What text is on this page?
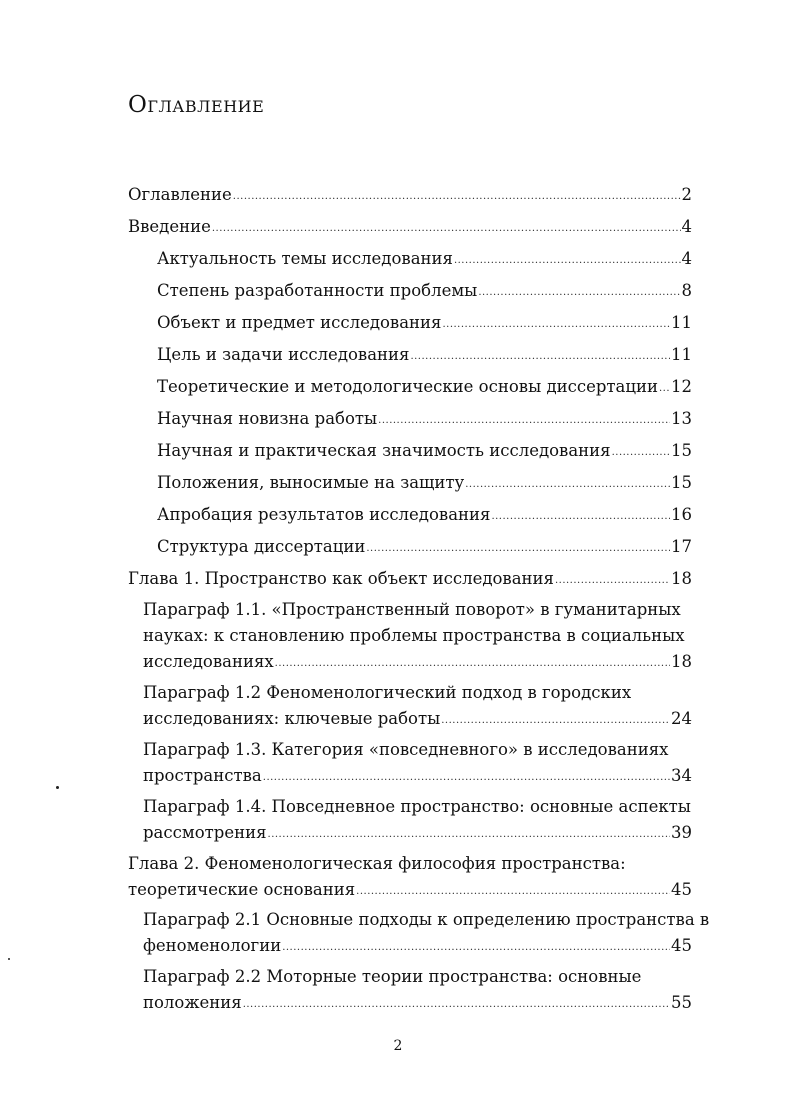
Оглавление
Оглавление .....	2
Введение .....	4
Актуальность темы исследования .....	4
Степень разработанности проблемы .....	8
Объект и предмет исследования .....	11
Цель и задачи исследования .....	11
Теоретические и методологические основы диссертации ..... 12
Научная новизна работы .....	13
Научная и практическая значимость исследования .....	15
Положения, выносимые на защиту .....	15
Апробация результатов исследования .....	16
Структура диссертации .....	17
Глава 1. Пространство как объект исследования .....	18
Параграф 1.1. «Пространственный поворот» в гуманитарных
науках: к становлению проблемы пространства в социальных
исследованиях .....	18
Параграф 1.2 Феноменологический подход в городских
исследованиях: ключевые работы .....	24
Параграф 1.3. Категория «повседневного» в исследованиях
пространства .....	34
Параграф 1.4. Повседневное пространство: основные аспекты
рассмотрения .....	39
Глава 2. Феноменологическая философия пространства:
теоретические основания .....	45
Параграф 2.1 Основные подходы к определению пространства в
феноменологии .....	45
Параграф 2.2 Моторные теории пространства: основные
положения .....	55
2
